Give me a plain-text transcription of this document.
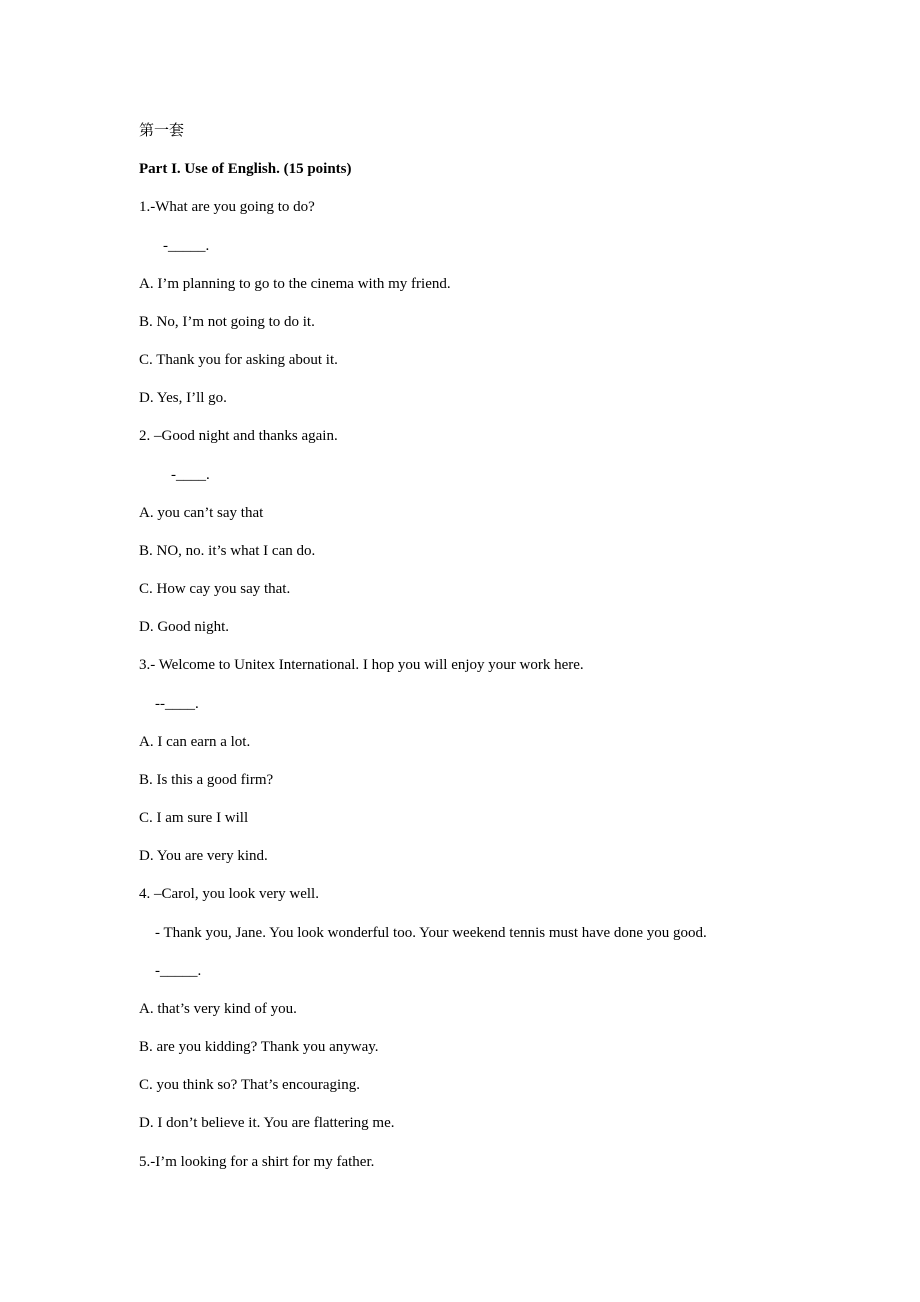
第一套
Part I. Use of English. (15 points)
1.-What are you going to do?
-_____.
A. I’m planning to go to the cinema with my friend.
B. No, I’m not going to do it.
C. Thank you for asking about it.
D. Yes, I’ll go.
2. –Good night and thanks again.
-____.
A. you can’t say that
B. NO, no. it’s what I can do.
C. How cay you say that.
D. Good night.
3.- Welcome to Unitex International. I hop you will enjoy your work here.
--____.
A. I can earn a lot.
B. Is this a good firm?
C. I am sure I will
D. You are very kind.
4. –Carol, you look very well.
- Thank you, Jane. You look wonderful too. Your weekend tennis must have done you good.
-_____.
A. that’s very kind of you.
B. are you kidding? Thank you anyway.
C. you think so? That’s encouraging.
D. I don’t believe it. You are flattering me.
5.-I’m looking for a shirt for my father.
